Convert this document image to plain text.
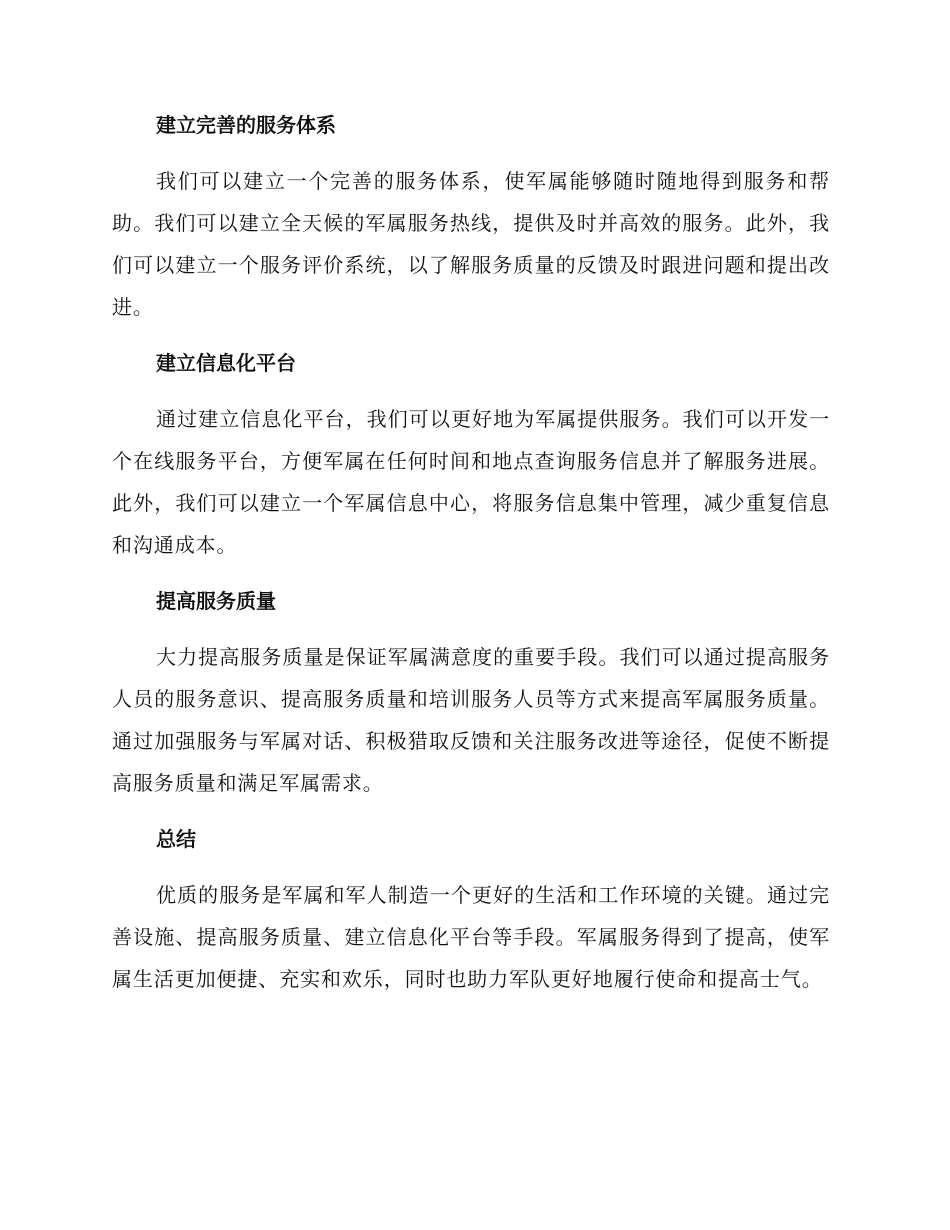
建立完善的服务体系

我们可以建立一个完善的服务体系，使军属能够随时随地得到服务和帮助。我们可以建立全天候的军属服务热线，提供及时并高效的服务。此外，我们可以建立一个服务评价系统，以了解服务质量的反馈及时跟进问题和提出改进。

建立信息化平台

通过建立信息化平台，我们可以更好地为军属提供服务。我们可以开发一个在线服务平台，方便军属在任何时间和地点查询服务信息并了解服务进展。此外，我们可以建立一个军属信息中心，将服务信息集中管理，减少重复信息和沟通成本。

提高服务质量

大力提高服务质量是保证军属满意度的重要手段。我们可以通过提高服务人员的服务意识、提高服务质量和培训服务人员等方式来提高军属服务质量。通过加强服务与军属对话、积极猎取反馈和关注服务改进等途径，促使不断提高服务质量和满足军属需求。

总结

优质的服务是军属和军人制造一个更好的生活和工作环境的关键。通过完善设施、提高服务质量、建立信息化平台等手段。军属服务得到了提高，使军属生活更加便捷、充实和欢乐，同时也助力军队更好地履行使命和提高士气。
